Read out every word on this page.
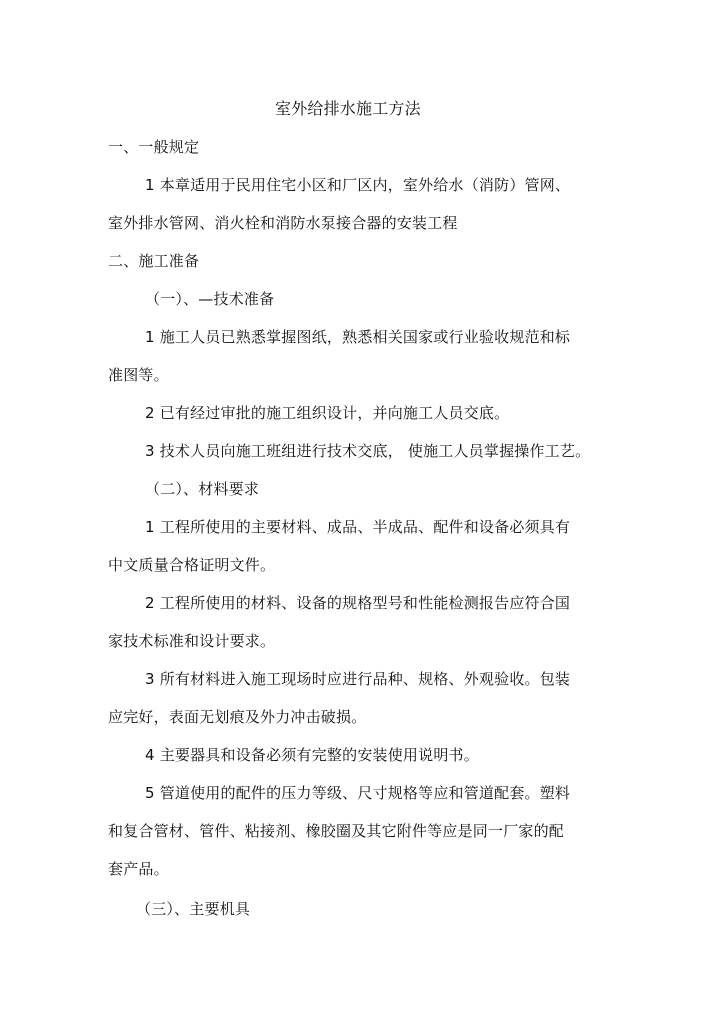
室外给排水施工方法
一、一般规定
1 本章适用于民用住宅小区和厂区内，室外给水（消防）管网、
室外排水管网、消火栓和消防水泵接合器的安装工程
二、施工准备
（一）、—技术准备
1 施工人员已熟悉掌握图纸，熟悉相关国家或行业验收规范和标
准图等。
2 已有经过审批的施工组织设计，并向施工人员交底。
3 技术人员向施工班组进行技术交底， 使施工人员掌握操作工艺。
（二）、材料要求
1 工程所使用的主要材料、成品、半成品、配件和设备必须具有
中文质量合格证明文件。
2 工程所使用的材料、设备的规格型号和性能检测报告应符合国
家技术标准和设计要求。
3 所有材料进入施工现场时应进行品种、规格、外观验收。包装
应完好，表面无划痕及外力冲击破损。
4 主要器具和设备必须有完整的安装使用说明书。
5 管道使用的配件的压力等级、尺寸规格等应和管道配套。塑料
和复合管材、管件、粘接剂、橡胶圈及其它附件等应是同一厂家的配
套产品。
（三）、主要机具
